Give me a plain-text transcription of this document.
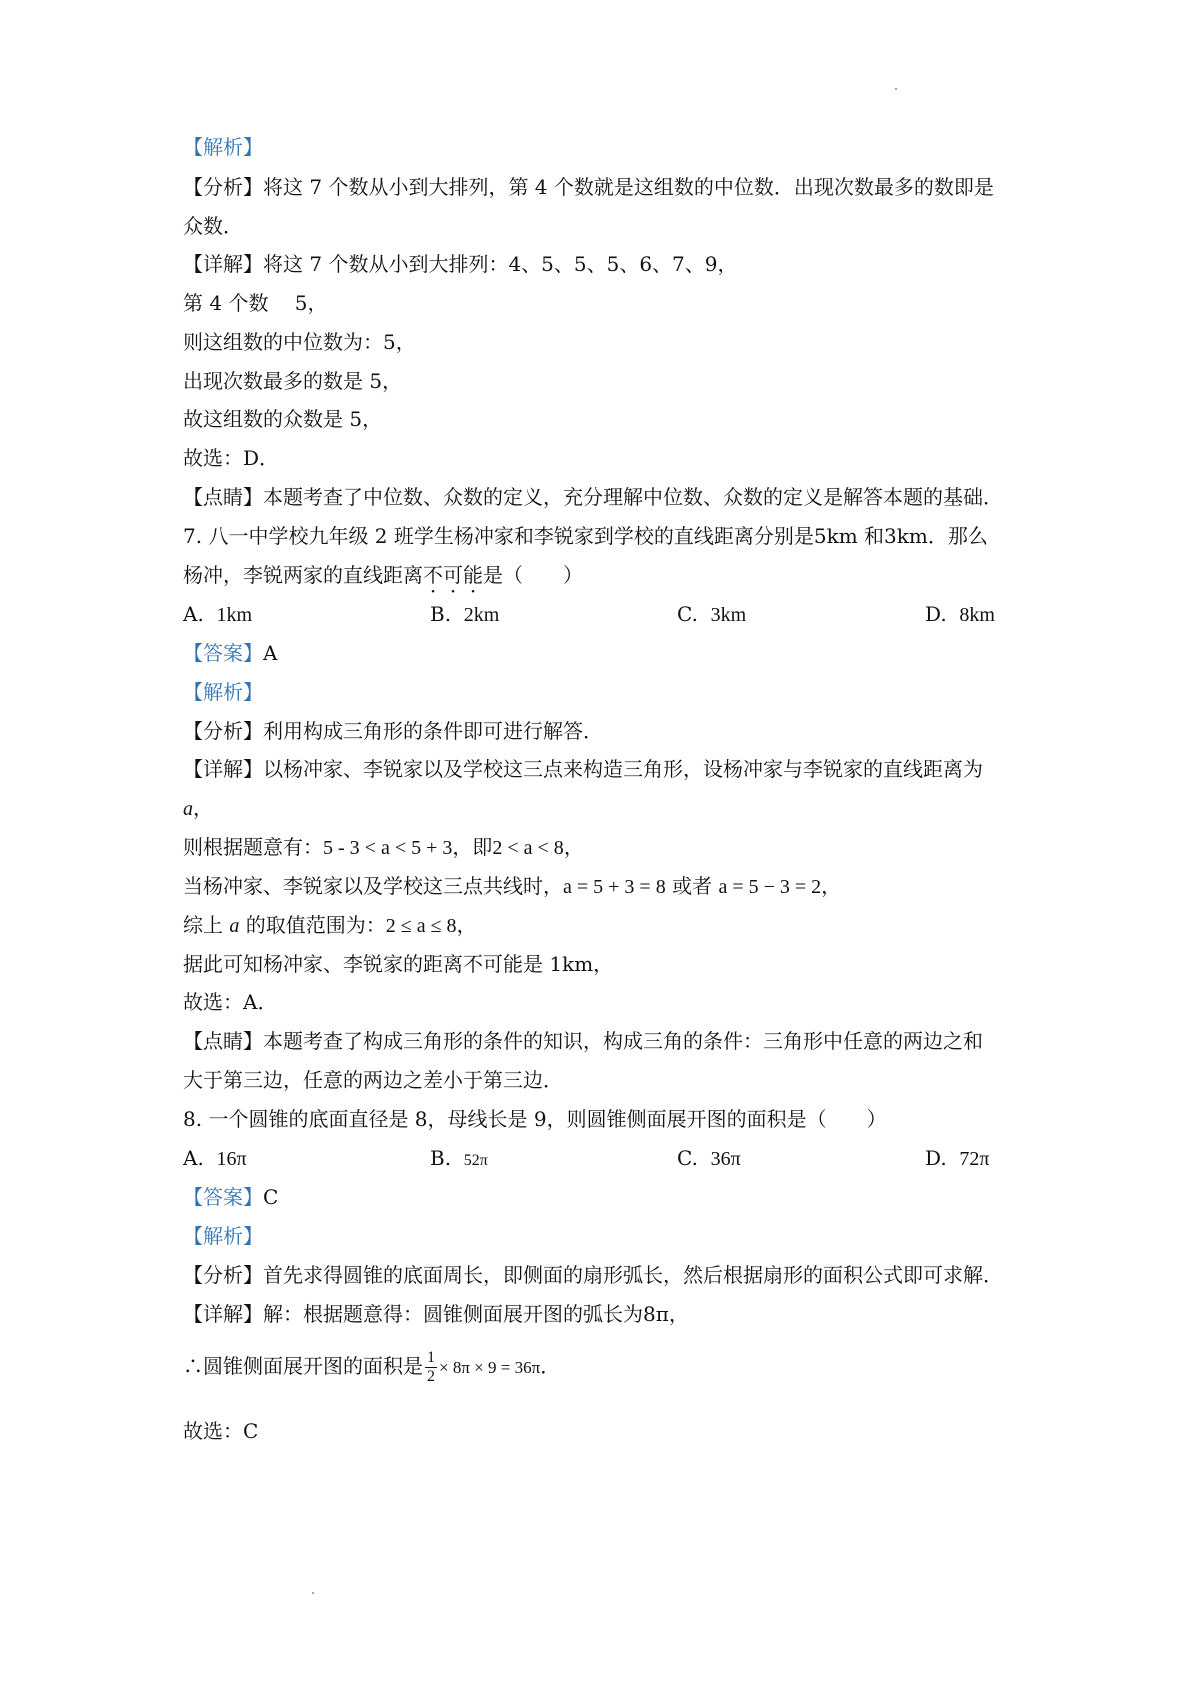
【解析】
【分析】将这 7 个数从小到大排列，第 4 个数就是这组数的中位数．出现次数最多的数即是
众数．
【详解】将这 7 个数从小到大排列：4、5、5、5、6、7、9，
第 4 个数 　5，
则这组数的中位数为：5，
出现次数最多的数是 5，
故这组数的众数是 5，
故选：D．
【点睛】本题考查了中位数、众数的定义，充分理解中位数、众数的定义是解答本题的基础．
7. 八一中学校九年级 2 班学生杨冲家和李锐家到学校的直线距离分别是5km 和3km．那么
杨冲，李锐两家的直线距离不可能是（　　）
A. 1km	B. 2km	C. 3km	D. 8km
【答案】A
【解析】
【分析】利用构成三角形的条件即可进行解答．
【详解】以杨冲家、李锐家以及学校这三点来构造三角形，设杨冲家与李锐家的直线距离为
a，
则根据题意有：5 - 3 < a < 5 + 3，即2 < a < 8，
当杨冲家、李锐家以及学校这三点共线时，a = 5 + 3 = 8 或者 a = 5 − 3 = 2，
综上 a 的取值范围为：2 ≤ a ≤ 8，
据此可知杨冲家、李锐家的距离不可能是 1km，
故选：A．
【点睛】本题考查了构成三角形的条件的知识，构成三角的条件：三角形中任意的两边之和
大于第三边，任意的两边之差小于第三边．
8. 一个圆锥的底面直径是 8，母线长是 9，则圆锥侧面展开图的面积是（　　）
A. 16π	B. 52π	C. 36π	D. 72π
【答案】C
【解析】
【分析】首先求得圆锥的底面周长，即侧面的扇形弧长，然后根据扇形的面积公式即可求解．
【详解】解：根据题意得：圆锥侧面展开图的弧长为8π，
∴圆锥侧面展开图的面积是 $\frac{1}{2} \times 8\pi \times 9 = 36\pi$．
故选：C
